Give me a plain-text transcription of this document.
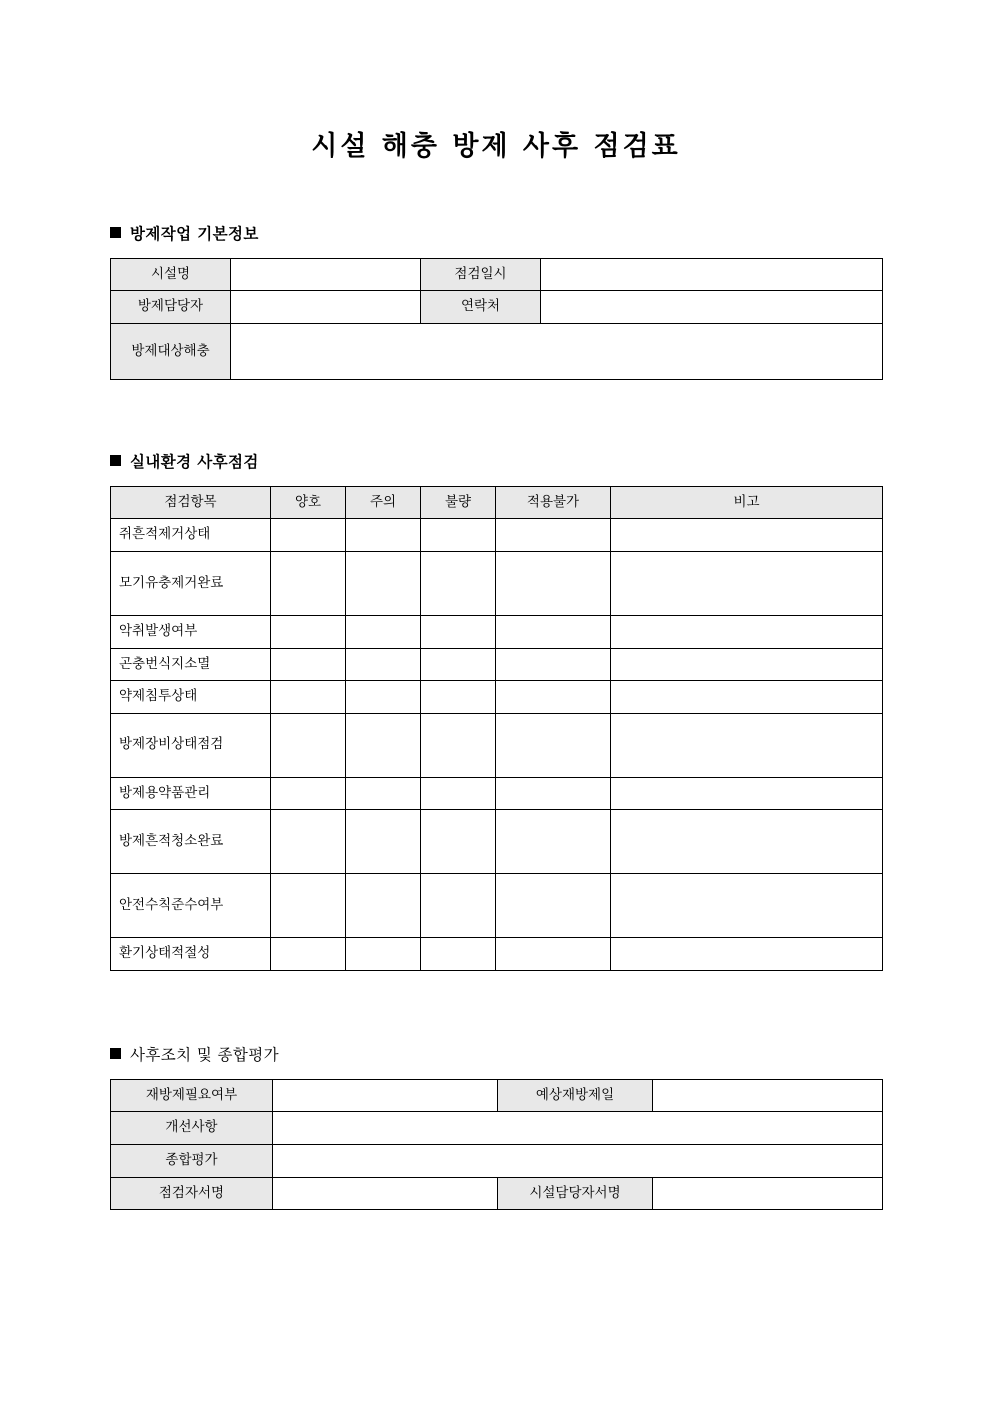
시설 해충 방제 사후 점검표
방제작업 기본정보
시설명		점검일시	
방제담당자		연락처	
방제대상해충			
실내환경 사후점검
점검항목	양호	주의	불량	적용불가	비고
쥐흔적제거상태					
모기유충제거완료					
악취발생여부					
곤충번식지소멸					
약제침투상태					
방제장비상태점검					
방제용약품관리					
방제흔적청소완료					
안전수칙준수여부					
환기상태적절성					
사후조치 및 종합평가
재방제필요여부		예상재방제일	
개선사항			
종합평가			
점검자서명		시설담당자서명	
